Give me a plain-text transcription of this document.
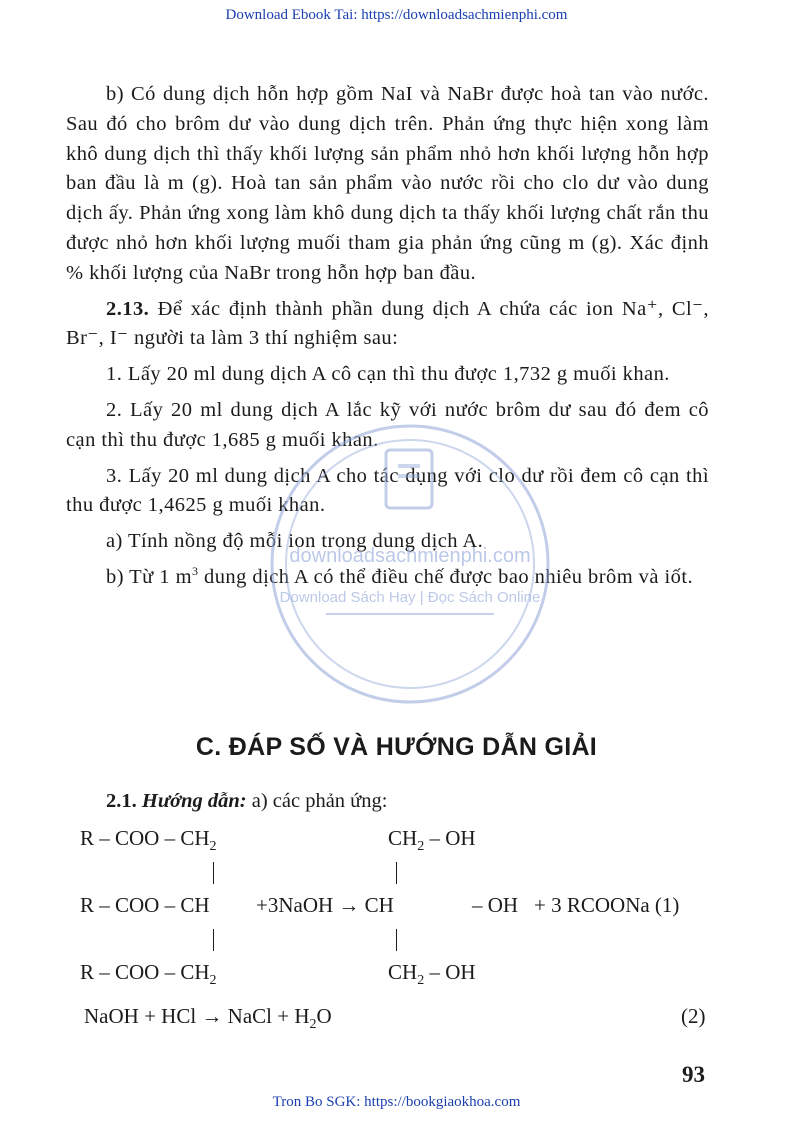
Download Ebook Tai: https://downloadsachmienphi.com

b) Có dung dịch hỗn hợp gồm NaI và NaBr được hoà tan vào nước. Sau đó cho brôm dư vào dung dịch trên. Phản ứng thực hiện xong làm khô dung dịch thì thấy khối lượng sản phẩm nhỏ hơn khối lượng hỗn hợp ban đầu là m (g). Hoà tan sản phẩm vào nước rồi cho clo dư vào dung dịch ấy. Phản ứng xong làm khô dung dịch ta thấy khối lượng chất rắn thu được nhỏ hơn khối lượng muối tham gia phản ứng cũng m (g). Xác định % khối lượng của NaBr trong hỗn hợp ban đầu.

2.13. Để xác định thành phần dung dịch A chứa các ion Na⁺, Cl⁻, Br⁻, I⁻ người ta làm 3 thí nghiệm sau:

1. Lấy 20 ml dung dịch A cô cạn thì thu được 1,732 g muối khan.

2. Lấy 20 ml dung dịch A lắc kỹ với nước brôm dư sau đó đem cô cạn thì thu được 1,685 g muối khan.

3. Lấy 20 ml dung dịch A cho tác dụng với clo dư rồi đem cô cạn thì thu được 1,4625 g muối khan.

a) Tính nồng độ mỗi ion trong dung dịch A.

b) Từ 1 $m^3$ dung dịch A có thể điều chế được bao nhiêu brôm và iốt.

downloadsachmienphi.com
Download Sách Hay | Đọc Sách Online
C. ĐÁP SỐ VÀ HƯỚNG DẪN GIẢI
2.1. Hướng dẫn: a) các phản ứng:
R – COO – $CH_2$	$CH_2$ – OH
R – COO – CH +3NaOH → CH	– OH + 3 RCOONa (1)
R – COO – $CH_2$	$CH_2$ – OH
NaOH + HCl → NaCl + $H_2O$	(2)
93
Tron Bo SGK: https://bookgiaokhoa.com
